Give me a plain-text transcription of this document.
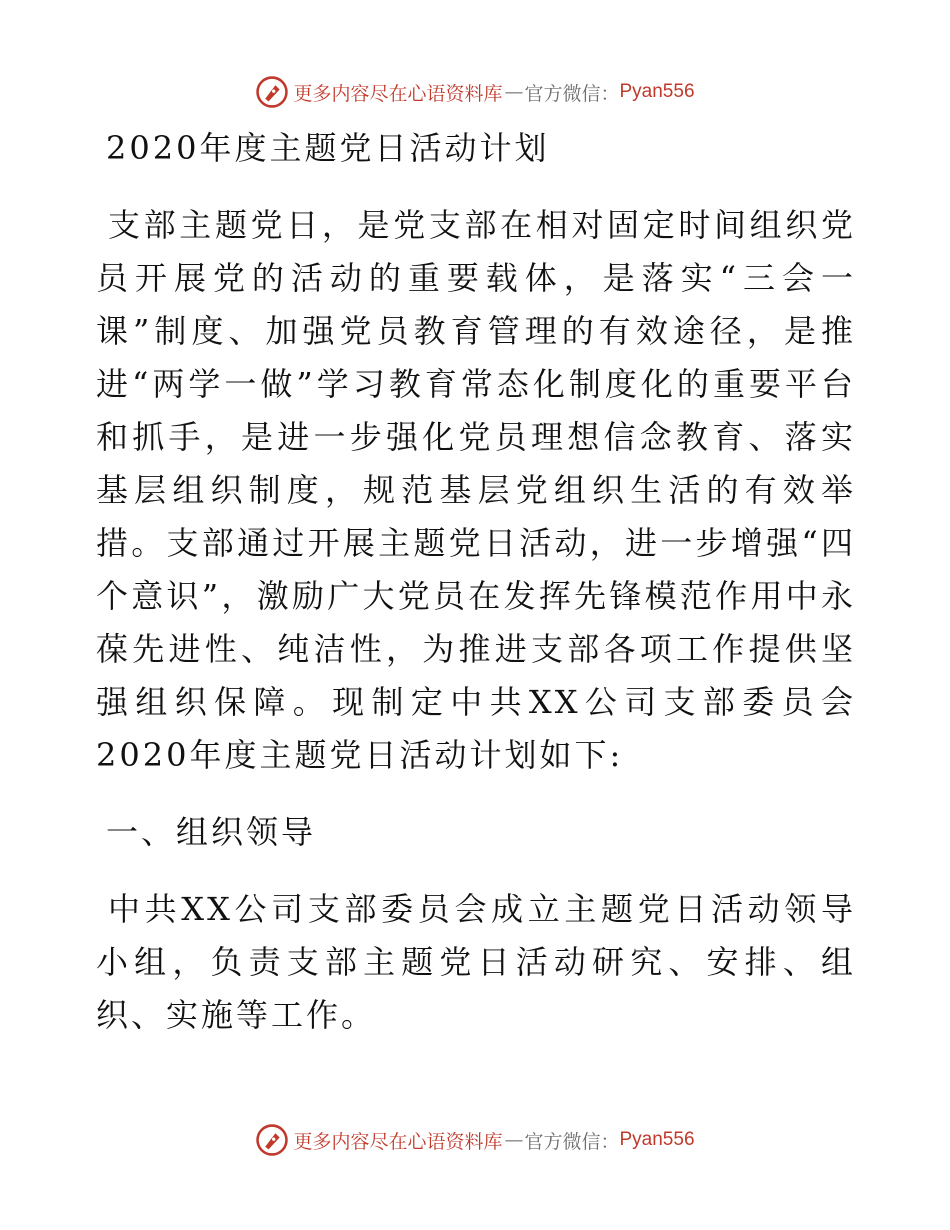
更多内容尽在心语资料库 — 官方微信： Pyan556
2020年度主题党日活动计划

支部主题党日，是党支部在相对固定时间组织党员开展党的活动的重要载体，是落实“三会一课”制度、加强党员教育管理的有效途径，是推进“两学一做”学习教育常态化制度化的重要平台和抓手，是进一步强化党员理想信念教育、落实基层组织制度，规范基层党组织生活的有效举措。支部通过开展主题党日活动，进一步增强“四个意识”，激励广大党员在发挥先锋模范作用中永葆先进性、纯洁性，为推进支部各项工作提供坚强组织保障。现制定中共XX公司支部委员会2020年度主题党日活动计划如下:

一、组织领导

中共XX公司支部委员会成立主题党日活动领导小组，负责支部主题党日活动研究、安排、组织、实施等工作。

更多内容尽在心语资料库 — 官方微信： Pyan556
